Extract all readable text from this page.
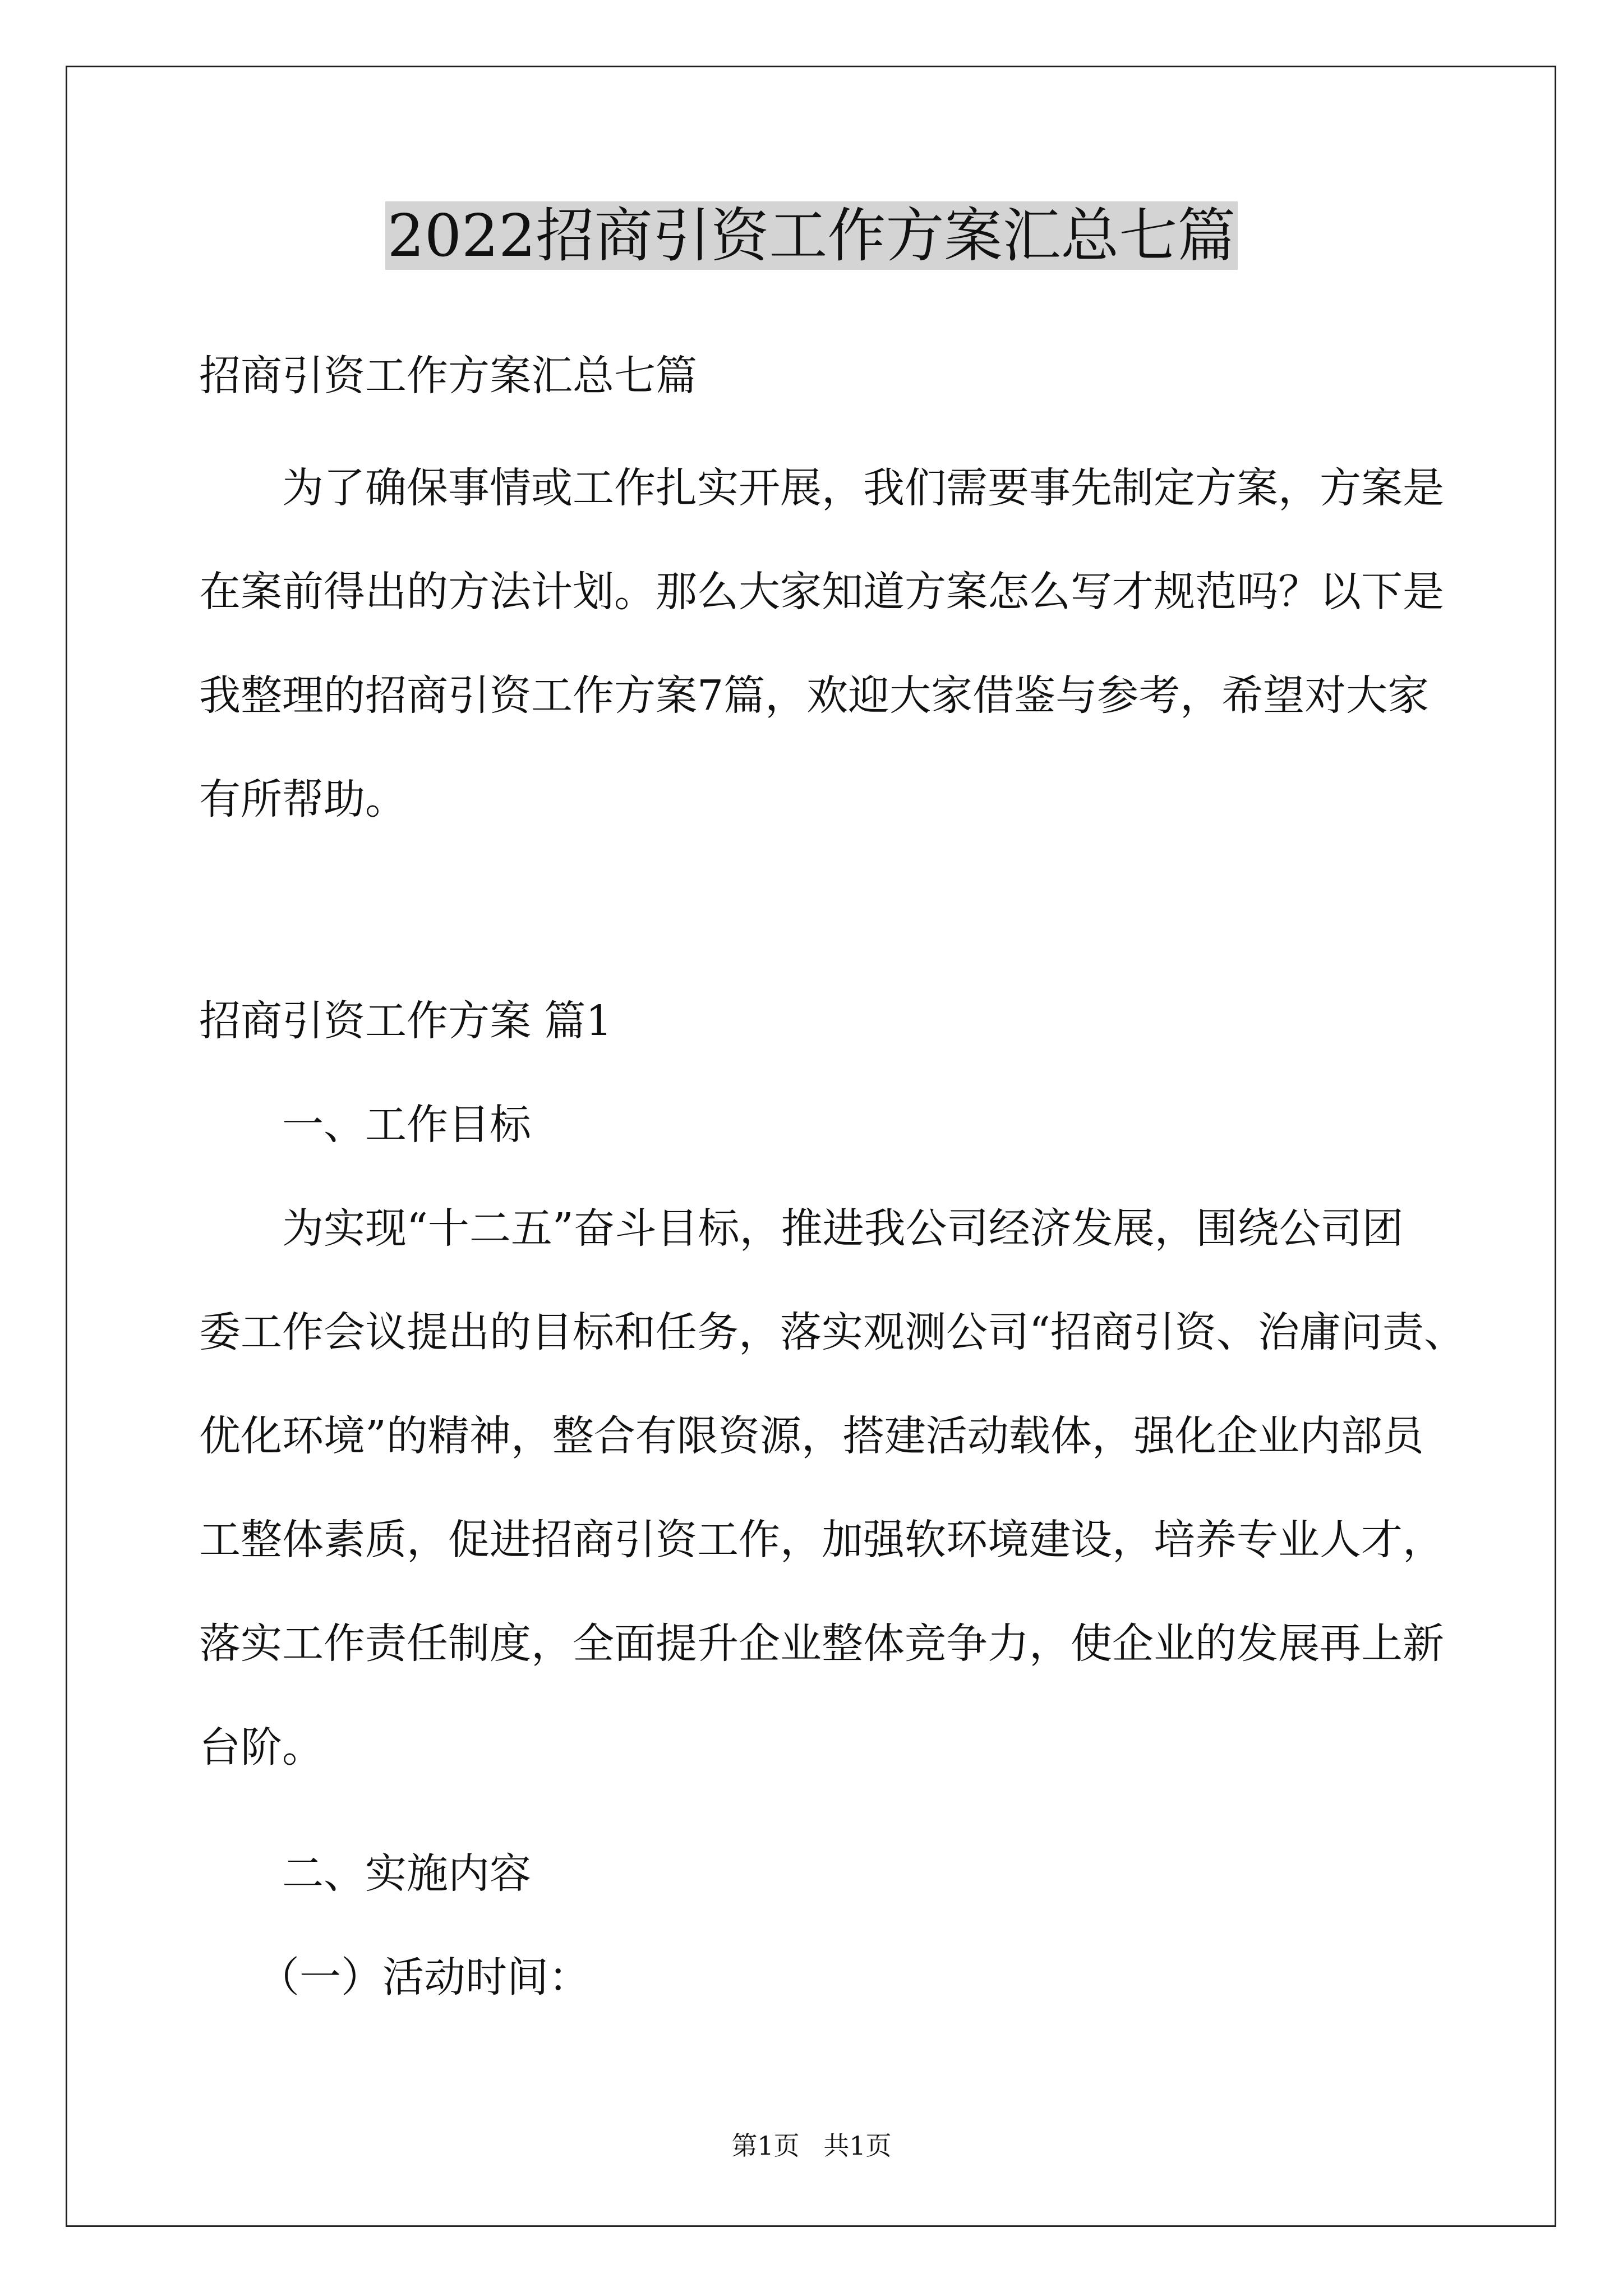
2022招商引资工作方案汇总七篇
招商引资工作方案汇总七篇
为了确保事情或工作扎实开展，我们需要事先制定方案，方案是
在案前得出的方法计划。那么大家知道方案怎么写才规范吗？以下是
我整理的招商引资工作方案7篇，欢迎大家借鉴与参考，希望对大家
有所帮助。
招商引资工作方案 篇1
一、工作目标
为实现“十二五”奋斗目标，推进我公司经济发展，围绕公司团
委工作会议提出的目标和任务，落实观测公司“招商引资、治庸问责、
优化环境”的精神，整合有限资源，搭建活动载体，强化企业内部员
工整体素质，促进招商引资工作，加强软环境建设，培养专业人才，
落实工作责任制度，全面提升企业整体竞争力，使企业的发展再上新
台阶。
二、实施内容
（一）活动时间：
第1页 共1页
